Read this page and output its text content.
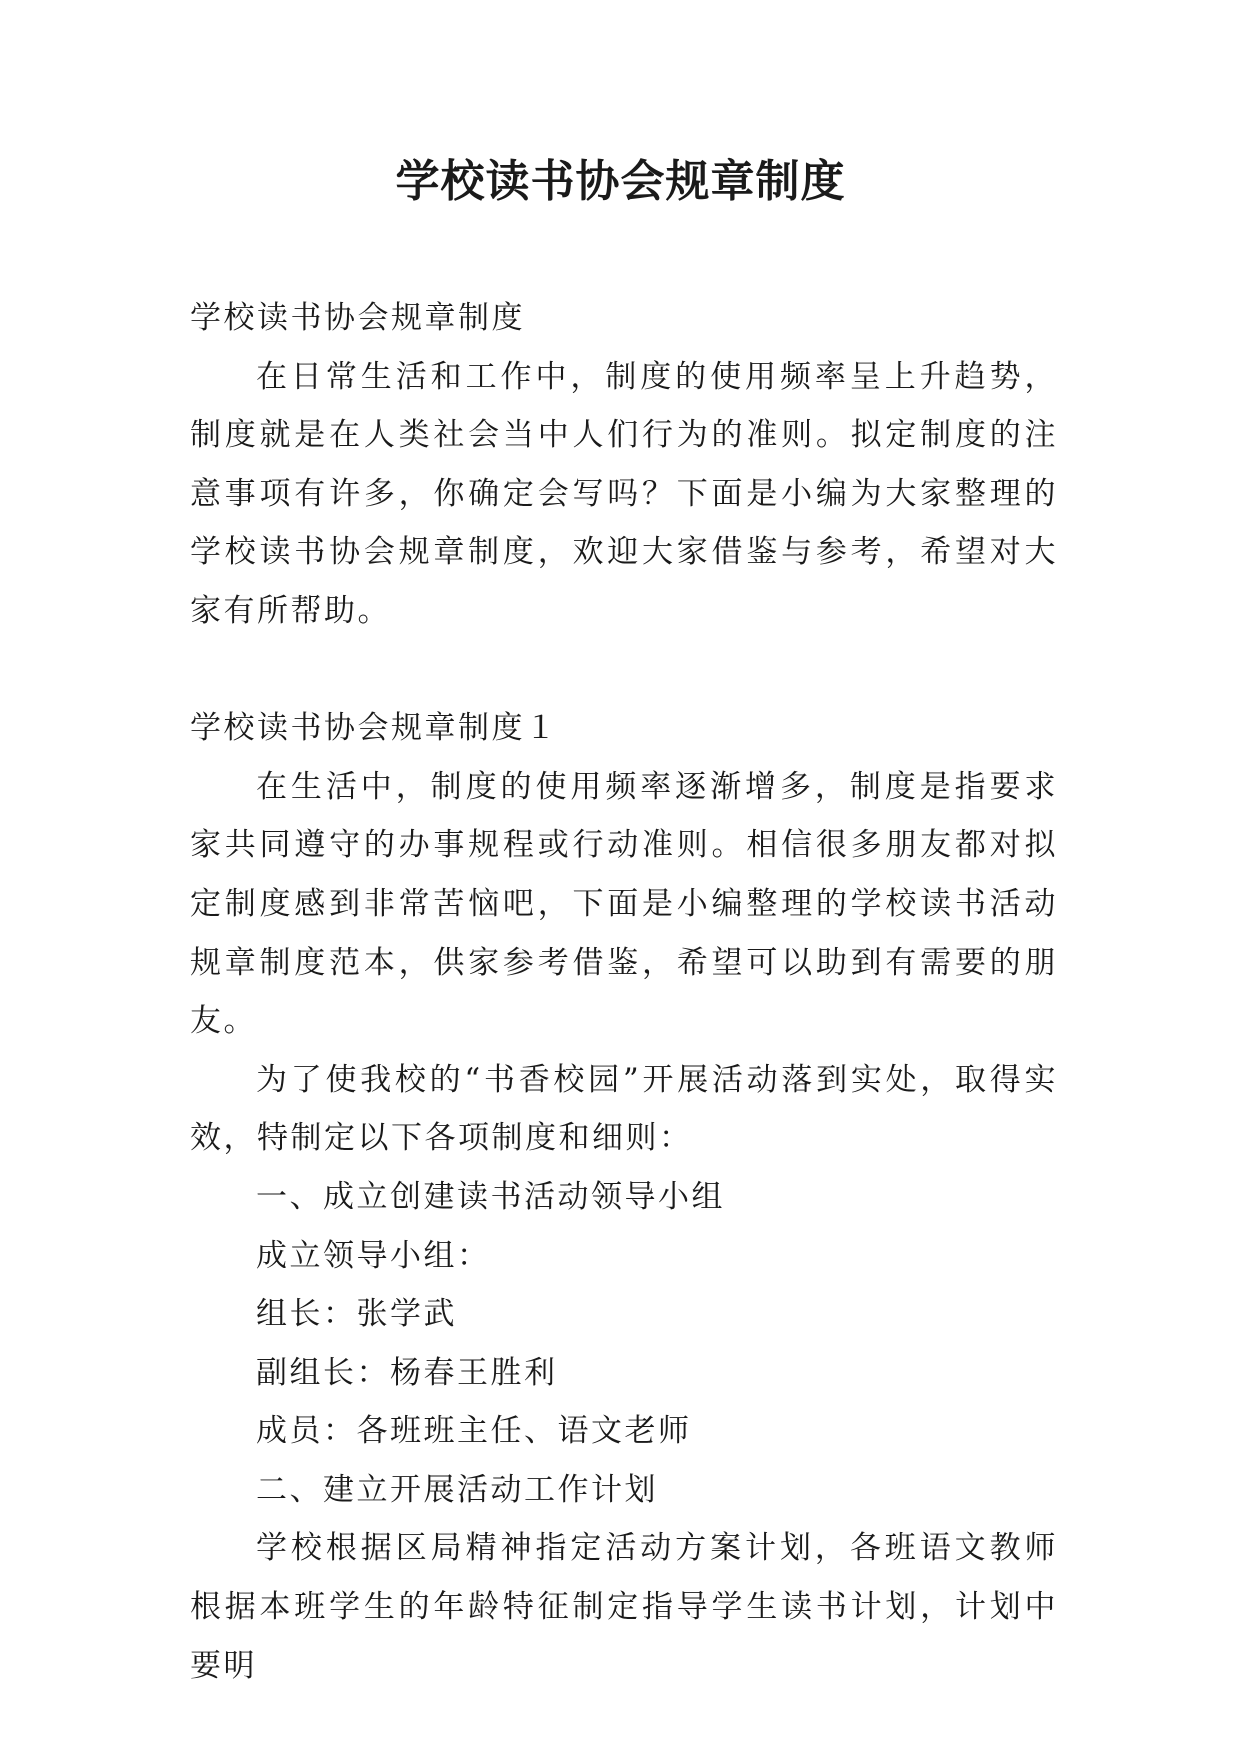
学校读书协会规章制度

学校读书协会规章制度

在日常生活和工作中，制度的使用频率呈上升趋势，制度就是在人类社会当中人们行为的准则。拟定制度的注意事项有许多，你确定会写吗？下面是小编为大家整理的学校读书协会规章制度，欢迎大家借鉴与参考，希望对大家有所帮助。

学校读书协会规章制度１

在生活中，制度的使用频率逐渐增多，制度是指要求家共同遵守的办事规程或行动准则。相信很多朋友都对拟定制度感到非常苦恼吧，下面是小编整理的学校读书活动规章制度范本，供家参考借鉴，希望可以助到有需要的朋友。

为了使我校的“书香校园”开展活动落到实处，取得实效，特制定以下各项制度和细则：

一、成立创建读书活动领导小组

成立领导小组：

组长：张学武

副组长：杨春王胜利

成员：各班班主任、语文老师

二、建立开展活动工作计划

学校根据区局精神指定活动方案计划，各班语文教师根据本班学生的年龄特征制定指导学生读书计划，计划中要明
